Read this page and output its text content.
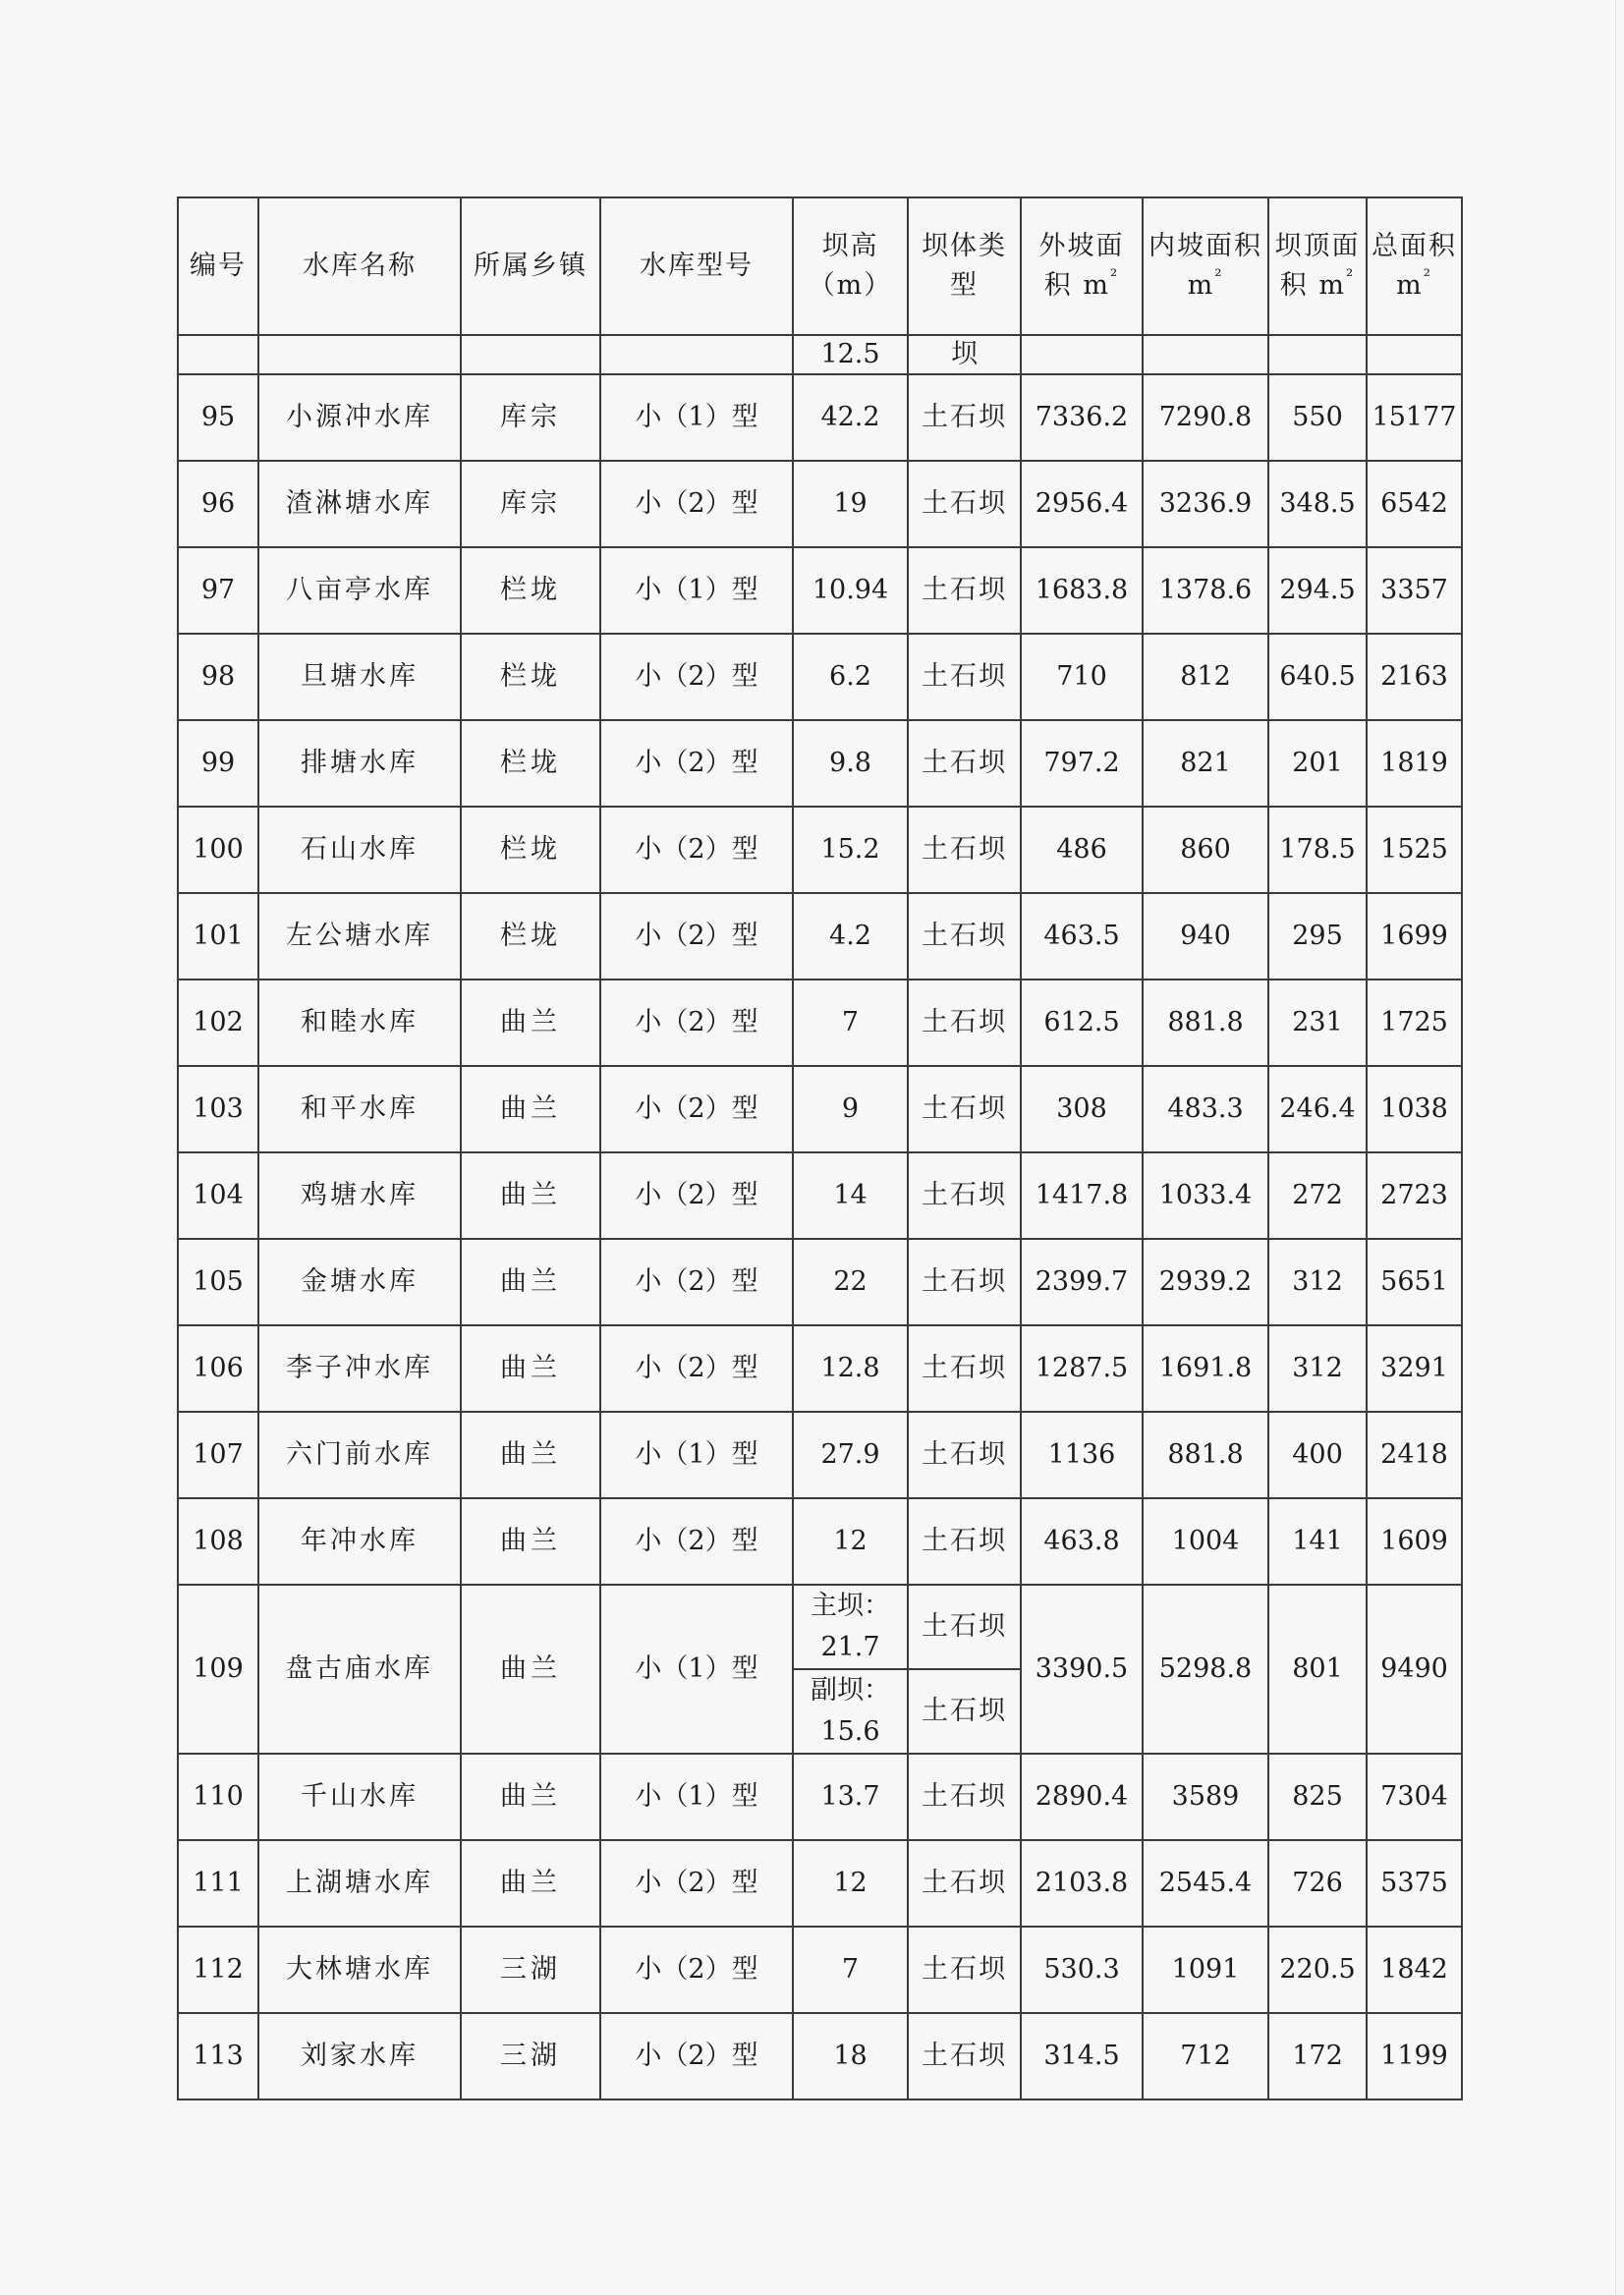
编号	水库名称	所属乡镇	水库型号	坝高（m）	坝体类型	外坡面积 $m^{^2}$	内坡面积 $m^{^2}$	坝顶面积 $m^{^2}$	总面积 $m^{^2}$
				12.5	坝				
95	小源冲水库	库宗	小（1）型	42.2	土石坝	7336.2	7290.8	550	15177
96	渣淋塘水库	库宗	小（2）型	19	土石坝	2956.4	3236.9	348.5	6542
97	八亩亭水库	栏垅	小（1）型	10.94	土石坝	1683.8	1378.6	294.5	3357
98	旦塘水库	栏垅	小（2）型	6.2	土石坝	710	812	640.5	2163
99	排塘水库	栏垅	小（2）型	9.8	土石坝	797.2	821	201	1819
100	石山水库	栏垅	小（2）型	15.2	土石坝	486	860	178.5	1525
101	左公塘水库	栏垅	小（2）型	4.2	土石坝	463.5	940	295	1699
102	和睦水库	曲兰	小（2）型	7	土石坝	612.5	881.8	231	1725
103	和平水库	曲兰	小（2）型	9	土石坝	308	483.3	246.4	1038
104	鸡塘水库	曲兰	小（2）型	14	土石坝	1417.8	1033.4	272	2723
105	金塘水库	曲兰	小（2）型	22	土石坝	2399.7	2939.2	312	5651
106	李子冲水库	曲兰	小（2）型	12.8	土石坝	1287.5	1691.8	312	3291
107	六门前水库	曲兰	小（1）型	27.9	土石坝	1136	881.8	400	2418
108	年冲水库	曲兰	小（2）型	12	土石坝	463.8	1004	141	1609
109	盘古庙水库	曲兰	小（1）型	主坝：21.7	土石坝	3390.5	5298.8	801	9490
				副坝：15.6	土石坝				
110	千山水库	曲兰	小（1）型	13.7	土石坝	2890.4	3589	825	7304
111	上湖塘水库	曲兰	小（2）型	12	土石坝	2103.8	2545.4	726	5375
112	大林塘水库	三湖	小（2）型	7	土石坝	530.3	1091	220.5	1842
113	刘家水库	三湖	小（2）型	18	土石坝	314.5	712	172	1199
